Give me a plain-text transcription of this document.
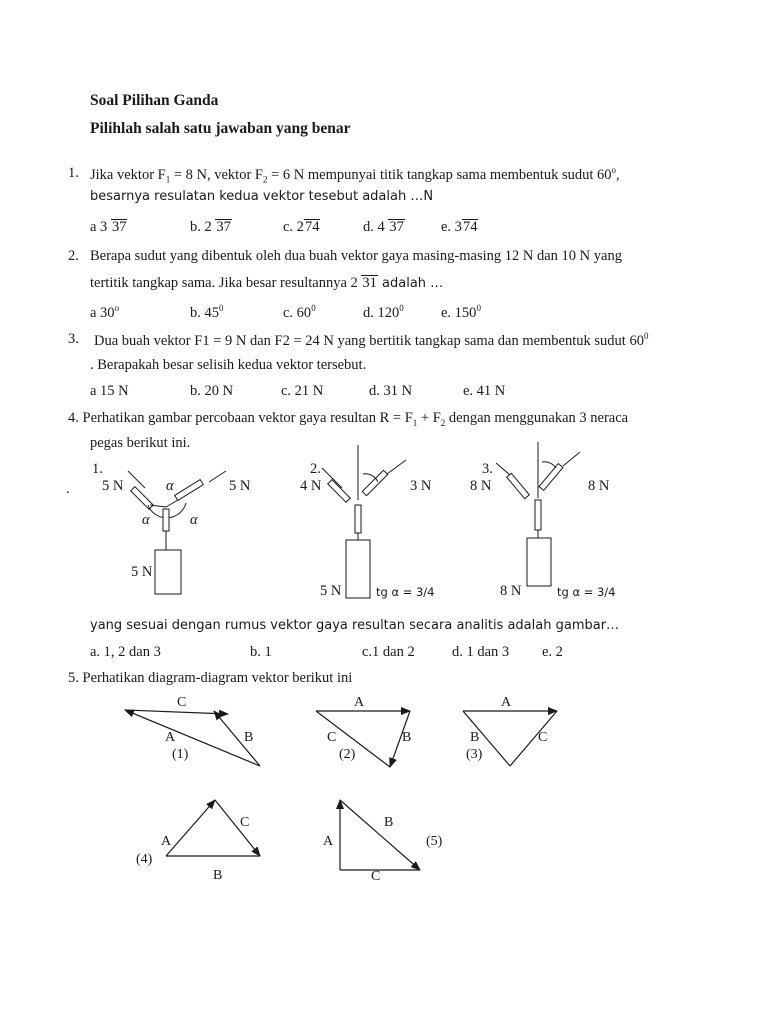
Soal Pilihan Ganda
Pilihlah salah satu jawaban yang benar
1. Jika vektor $F_1 = 8$ N, vektor $F_2 = 6$ N mempunyai titik tangkap sama membentuk sudut 60$^o$,
besarnya resulatan kedua vektor tesebut adalah …N
a 3 37	b. 2 37	c. 274	d. 4 37	e. 374
2. Berapa sudut yang dibentuk oleh dua buah vektor gaya masing-masing 12 N dan 10 N yang
tertitik tangkap sama. Jika besar resultannya 2 31 adalah …
a 30$^o$	b. $45^0$	c. $60^0$	d. $120^0$	e. $150^0$
3. Dua buah vektor F1 = 9 N dan F2 = 24 N yang bertitik tangkap sama dan membentuk sudut $60^0$
. Berapakah besar selisih kedua vektor tersebut.
a 15 N	b. 20 N	c. 21 N	d. 31 N	e. 41 N
4. Perhatikan gambar percobaan vektor gaya resultan $R = F_1 + F_2$ dengan menggunakan 3 neraca
pegas berikut ini.
1.
. 5 N	5 N
α
α	α
5 N
2.
4 N	3 N
5 N	tg α = 3/4
3.
8 N	8 N
8 N	tg α = 3/4
yang sesuai dengan rumus vektor gaya resultan secara analitis adalah gambar…
a. 1, 2 dan 3	b. 1	c.1 dan 2	d. 1 dan 3 e. 2
5. Perhatikan diagram-diagram vektor berikut ini
C
A	B
(1)
A
C	B
(2)
A
B	C
(3)
C
A
(4)
B
B
A	(5)
C
